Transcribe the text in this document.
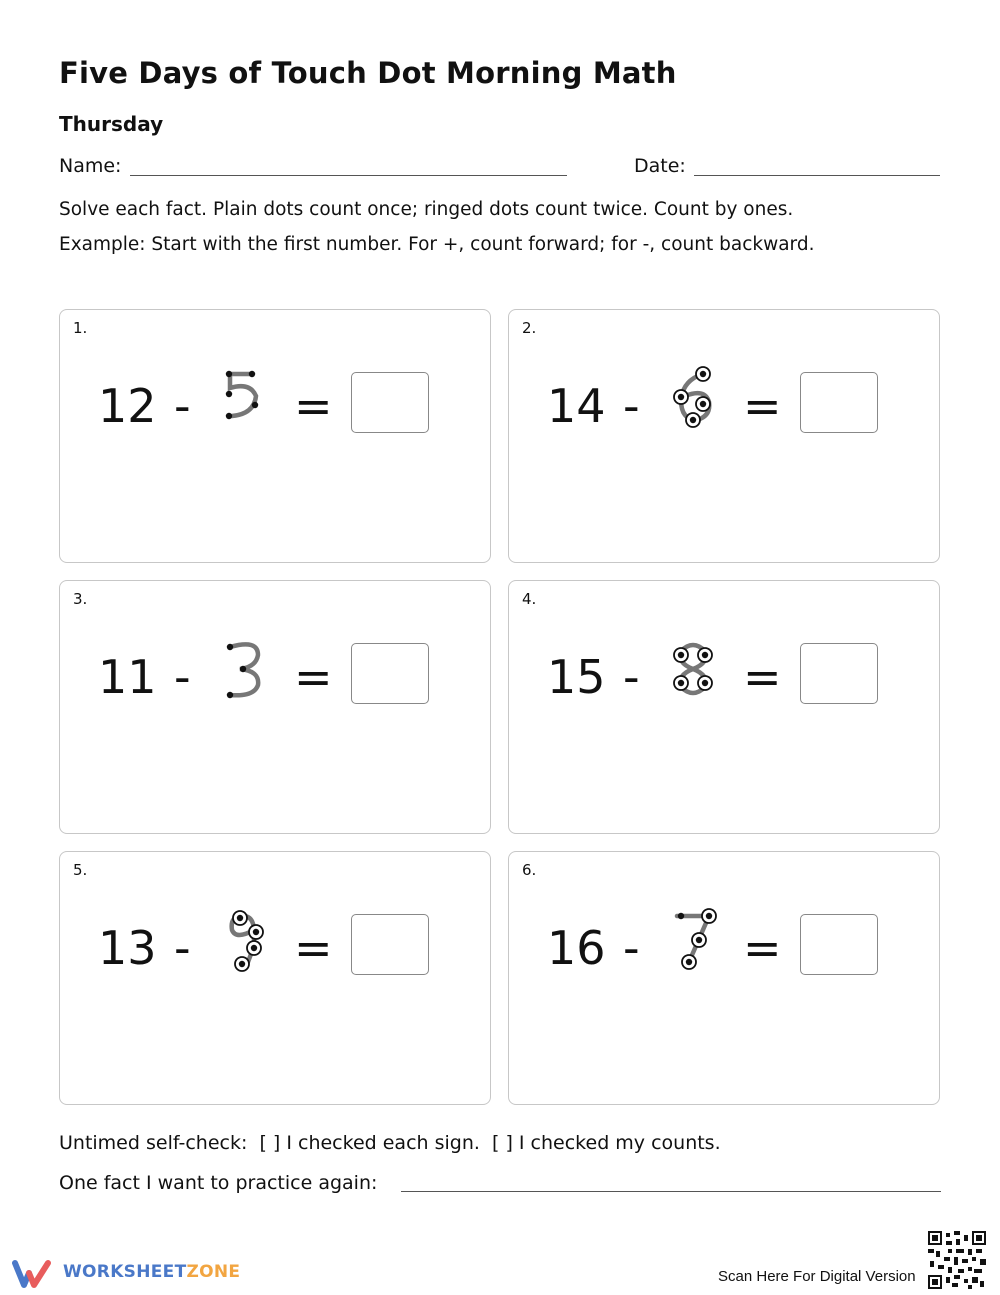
Five Days of Touch Dot Morning Math
Thursday
Name:	Date:
Solve each fact. Plain dots count once; ringed dots count twice. Count by ones.
Example: Start with the first number. For +, count forward; for -, count backward.
1.
12 - =
2.
14 - =
3.
11 - =
4.
15 - =
5.
13 - =
6.
16 - =
Untimed self-check:  [ ] I checked each sign.  [ ] I checked my counts.
One fact I want to practice again:
WORKSHEETZONE	Scan Here For Digital Version
